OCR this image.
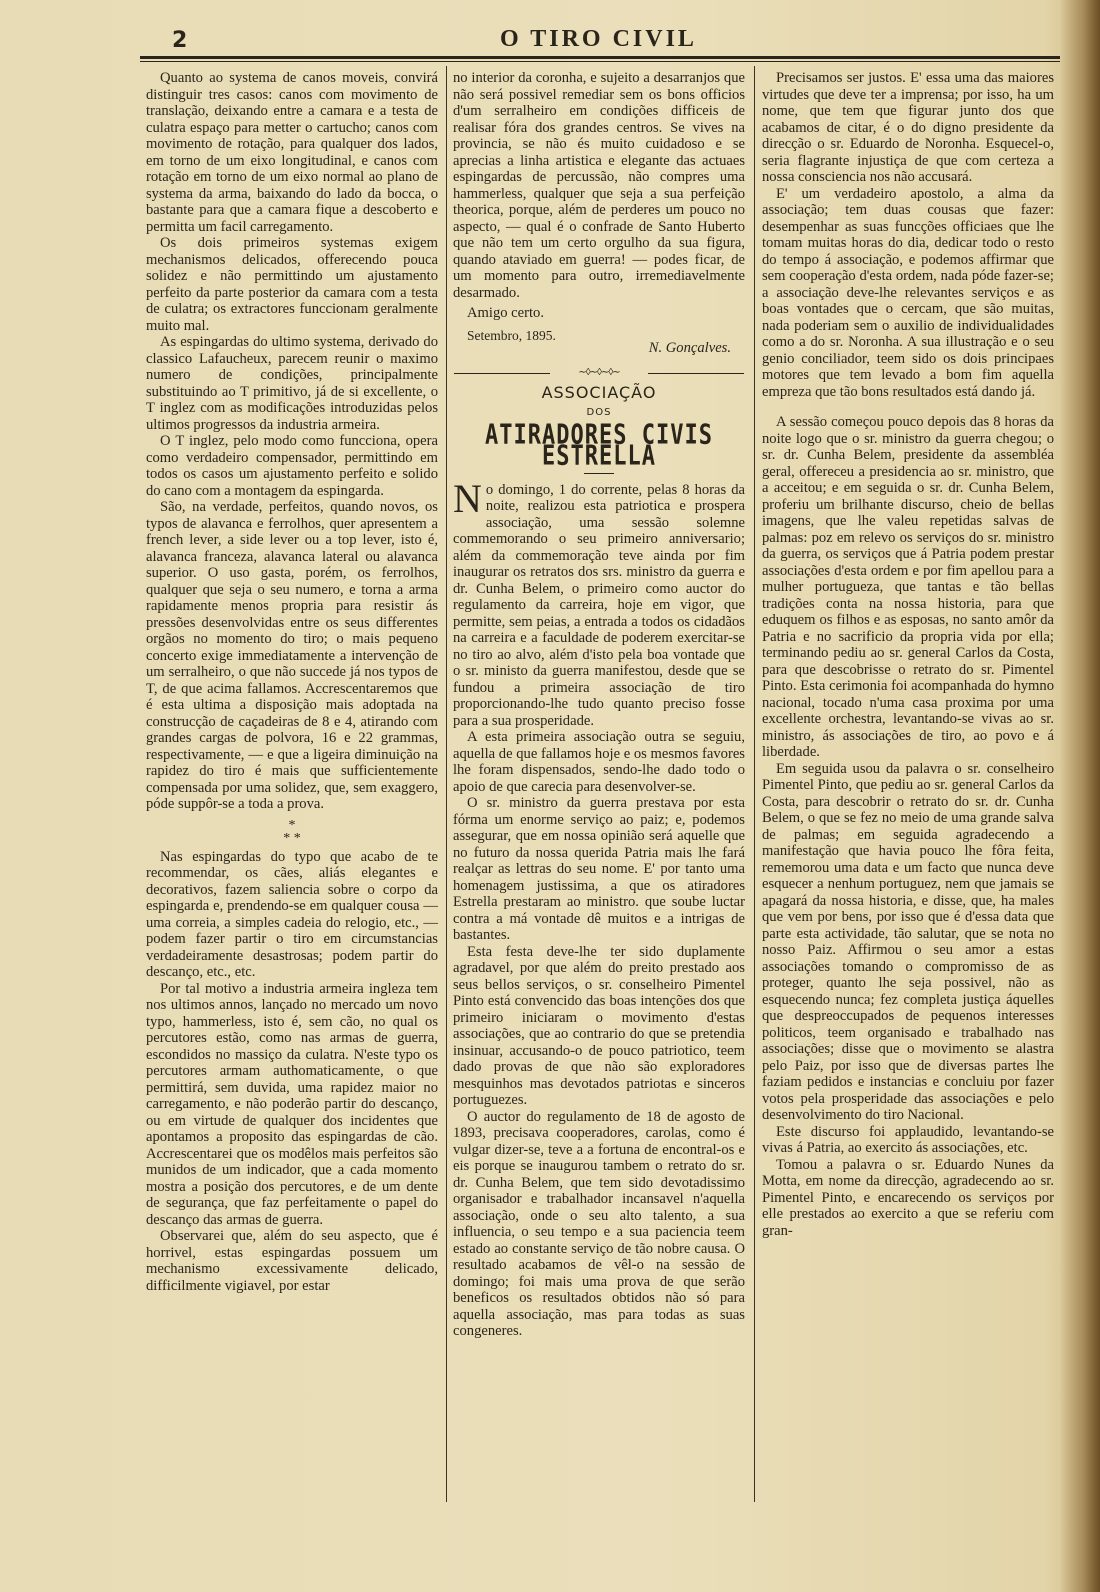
2	O TIRO CIVIL

Quanto ao systema de canos moveis, convirá distinguir tres casos: canos com movimento de translação, deixando entre a camara e a testa de culatra espaço para metter o cartucho; canos com movimento de rotação, para qualquer dos lados, em torno de um eixo longitudinal, e canos com rotação em torno de um eixo normal ao plano de systema da arma, baixando do lado da bocca, o bastante para que a camara fique a descoberto e permitta um facil carregamento.

Os dois primeiros systemas exigem mechanismos delicados, offerecendo pouca solidez e não permittindo um ajustamento perfeito da parte posterior da camara com a testa de culatra; os extractores funccionam geralmente muito mal.

As espingardas do ultimo systema, derivado do classico Lafaucheux, parecem reunir o maximo numero de condições, principalmente substituindo ao T primitivo, já de si excellente, o T inglez com as modificações introduzidas pelos ultimos progressos da industria armeira.

O T inglez, pelo modo como funcciona, opera como verdadeiro compensador, permittindo em todos os casos um ajustamento perfeito e solido do cano com a montagem da espingarda.

São, na verdade, perfeitos, quando novos, os typos de alavanca e ferrolhos, quer apresentem a french lever, a side lever ou a top lever, isto é, alavanca franceza, alavanca lateral ou alavanca superior. O uso gasta, porém, os ferrolhos, qualquer que seja o seu numero, e torna a arma rapidamente menos propria para resistir ás pressões desenvolvidas entre os seus differentes orgãos no momento do tiro; o mais pequeno concerto exige immediatamente a intervenção de um serralheiro, o que não succede já nos typos de T, de que acima fallamos. Accrescentaremos que é esta ultima a disposição mais adoptada na construcção de caçadeiras de 8 e 4, atirando com grandes cargas de polvora, 16 e 22 grammas, respectivamente, — e que a ligeira diminuição na rapidez do tiro é mais que sufficientemente compensada por uma solidez, que, sem exaggero, póde suppôr-se a toda a prova.

*
* *

Nas espingardas do typo que acabo de te recommendar, os cães, aliás elegantes e decorativos, fazem saliencia sobre o corpo da espingarda e, prendendo-se em qualquer cousa — uma correia, a simples cadeia do relogio, etc., — podem fazer partir o tiro em circumstancias verdadeiramente desastrosas; podem partir do descanço, etc., etc.

Por tal motivo a industria armeira ingleza tem nos ultimos annos, lançado no mercado um novo typo, hammerless, isto é, sem cão, no qual os percutores estão, como nas armas de guerra, escondidos no massiço da culatra. N'este typo os percutores armam authomaticamente, o que permittirá, sem duvida, uma rapidez maior no carregamento, e não poderão partir do descanço, ou em virtude de qualquer dos incidentes que apontamos a proposito das espingardas de cão. Accrescentarei que os modêlos mais perfeitos são munidos de um indicador, que a cada momento mostra a posição dos percutores, e de um dente de segurança, que faz perfeitamente o papel do descanço das armas de guerra.

Observarei que, além do seu aspecto, que é horrivel, estas espingardas possuem um mechanismo excessivamente delicado, difficilmente vigiavel, por estar

no interior da coronha, e sujeito a desarranjos que não será possivel remediar sem os bons officios d'um serralheiro em condições difficeis de realisar fóra dos grandes centros. Se vives na provincia, se não és muito cuidadoso e se aprecias a linha artistica e elegante das actuaes espingardas de percussão, não compres uma hammerless, qualquer que seja a sua perfeição theorica, porque, além de perderes um pouco no aspecto, — qual é o confrade de Santo Huberto que não tem um certo orgulho da sua figura, quando ataviado em guerra! — podes ficar, de um momento para outro, irremediavelmente desarmado.

Amigo certo.

Setembro, 1895.

N. Gonçalves.

∼◊∼◊∼◊∼
ASSOCIAÇÃO
DOS
ATIRADORES CIVIS ESTRELLA

No domingo, 1 do corrente, pelas 8 horas da noite, realizou esta patriotica e prospera associação, uma sessão solemne commemorando o seu primeiro anniversario; além da commemoração teve ainda por fim inaugurar os retratos dos srs. ministro da guerra e dr. Cunha Belem, o primeiro como auctor do regulamento da carreira, hoje em vigor, que permitte, sem peias, a entrada a todos os cidadãos na carreira e a faculdade de poderem exercitar-se no tiro ao alvo, além d'isto pela boa vontade que o sr. ministo da guerra manifestou, desde que se fundou a primeira associação de tiro proporcionando-lhe tudo quanto preciso fosse para a sua prosperidade.

A esta primeira associação outra se seguiu, aquella de que fallamos hoje e os mesmos favores lhe foram dispensados, sendo-lhe dado todo o apoio de que carecia para desenvolver-se.

O sr. ministro da guerra prestava por esta fórma um enorme serviço ao paiz; e, podemos assegurar, que em nossa opinião será aquelle que no futuro da nossa querida Patria mais lhe fará realçar as lettras do seu nome. E' por tanto uma homenagem justissima, a que os atiradores Estrella prestaram ao ministro. que soube luctar contra a má vontade dê muitos e a intrigas de bastantes.

Esta festa deve-lhe ter sido duplamente agradavel, por que além do preito prestado aos seus bellos serviços, o sr. conselheiro Pimentel Pinto está convencido das boas intenções dos que primeiro iniciaram o movimento d'estas associações, que ao contrario do que se pretendia insinuar, accusando-o de pouco patriotico, teem dado provas de que não são exploradores mesquinhos mas devotados patriotas e sinceros portuguezes.

O auctor do regulamento de 18 de agosto de 1893, precisava cooperadores, carolas, como é vulgar dizer-se, teve a a fortuna de encontral-os e eis porque se inaugurou tambem o retrato do sr. dr. Cunha Belem, que tem sido devotadissimo organisador e trabalhador incansavel n'aquella associação, onde o seu alto talento, a sua influencia, o seu tempo e a sua paciencia teem estado ao constante serviço de tão nobre causa. O resultado acabamos de vêl-o na sessão de domingo; foi mais uma prova de que serão beneficos os resultados obtidos não só para aquella associação, mas para todas as suas congeneres.

Precisamos ser justos. E' essa uma das maiores virtudes que deve ter a imprensa; por isso, ha um nome, que tem que figurar junto dos que acabamos de citar, é o do digno presidente da direcção o sr. Eduardo de Noronha. Esquecel-o, seria flagrante injustiça de que com certeza a nossa consciencia nos não accusará.

E' um verdadeiro apostolo, a alma da associação; tem duas cousas que fazer: desempenhar as suas funcções officiaes que lhe tomam muitas horas do dia, dedicar todo o resto do tempo á associação, e podemos affirmar que sem cooperação d'esta ordem, nada póde fazer-se; a associação deve-lhe relevantes serviços e as boas vontades que o cercam, que são muitas, nada poderiam sem o auxilio de individualidades como a do sr. Noronha. A sua illustração e o seu genio conciliador, teem sido os dois principaes motores que tem levado a bom fim aquella empreza que tão bons resultados está dando já.

A sessão começou pouco depois das 8 horas da noite logo que o sr. ministro da guerra chegou; o sr. dr. Cunha Belem, presidente da assembléa geral, offereceu a presidencia ao sr. ministro, que a acceitou; e em seguida o sr. dr. Cunha Belem, proferiu um brilhante discurso, cheio de bellas imagens, que lhe valeu repetidas salvas de palmas: poz em relevo os serviços do sr. ministro da guerra, os serviços que á Patria podem prestar associações d'esta ordem e por fim apellou para a mulher portugueza, que tantas e tão bellas tradições conta na nossa historia, para que eduquem os filhos e as esposas, no santo amôr da Patria e no sacrificio da propria vida por ella; terminando pediu ao sr. general Carlos da Costa, para que descobrisse o retrato do sr. Pimentel Pinto. Esta cerimonia foi acompanhada do hymno nacional, tocado n'uma casa proxima por uma excellente orchestra, levantando-se vivas ao sr. ministro, ás associações de tiro, ao povo e á liberdade.

Em seguida usou da palavra o sr. conselheiro Pimentel Pinto, que pediu ao sr. general Carlos da Costa, para descobrir o retrato do sr. dr. Cunha Belem, o que se fez no meio de uma grande salva de palmas; em seguida agradecendo a manifestação que havia pouco lhe fôra feita, rememorou uma data e um facto que nunca deve esquecer a nenhum portuguez, nem que jamais se apagará da nossa historia, e disse, que, ha males que vem por bens, por isso que é d'essa data que parte esta actividade, tão salutar, que se nota no nosso Paiz. Affirmou o seu amor a estas associações tomando o compromisso de as proteger, quanto lhe seja possivel, não as esquecendo nunca; fez completa justiça áquelles que despreoccupados de pequenos interesses politicos, teem organisado e trabalhado nas associações; disse que o movimento se alastra pelo Paiz, por isso que de diversas partes lhe faziam pedidos e instancias e concluiu por fazer votos pela prosperidade das associações e pelo desenvolvimento do tiro Nacional.

Este discurso foi applaudido, levantando-se vivas á Patria, ao exercito ás associações, etc.

Tomou a palavra o sr. Eduardo Nunes da Motta, em nome da direcção, agradecendo ao sr. Pimentel Pinto, e encarecendo os serviços por elle prestados ao exercito a que se referiu com gran-
